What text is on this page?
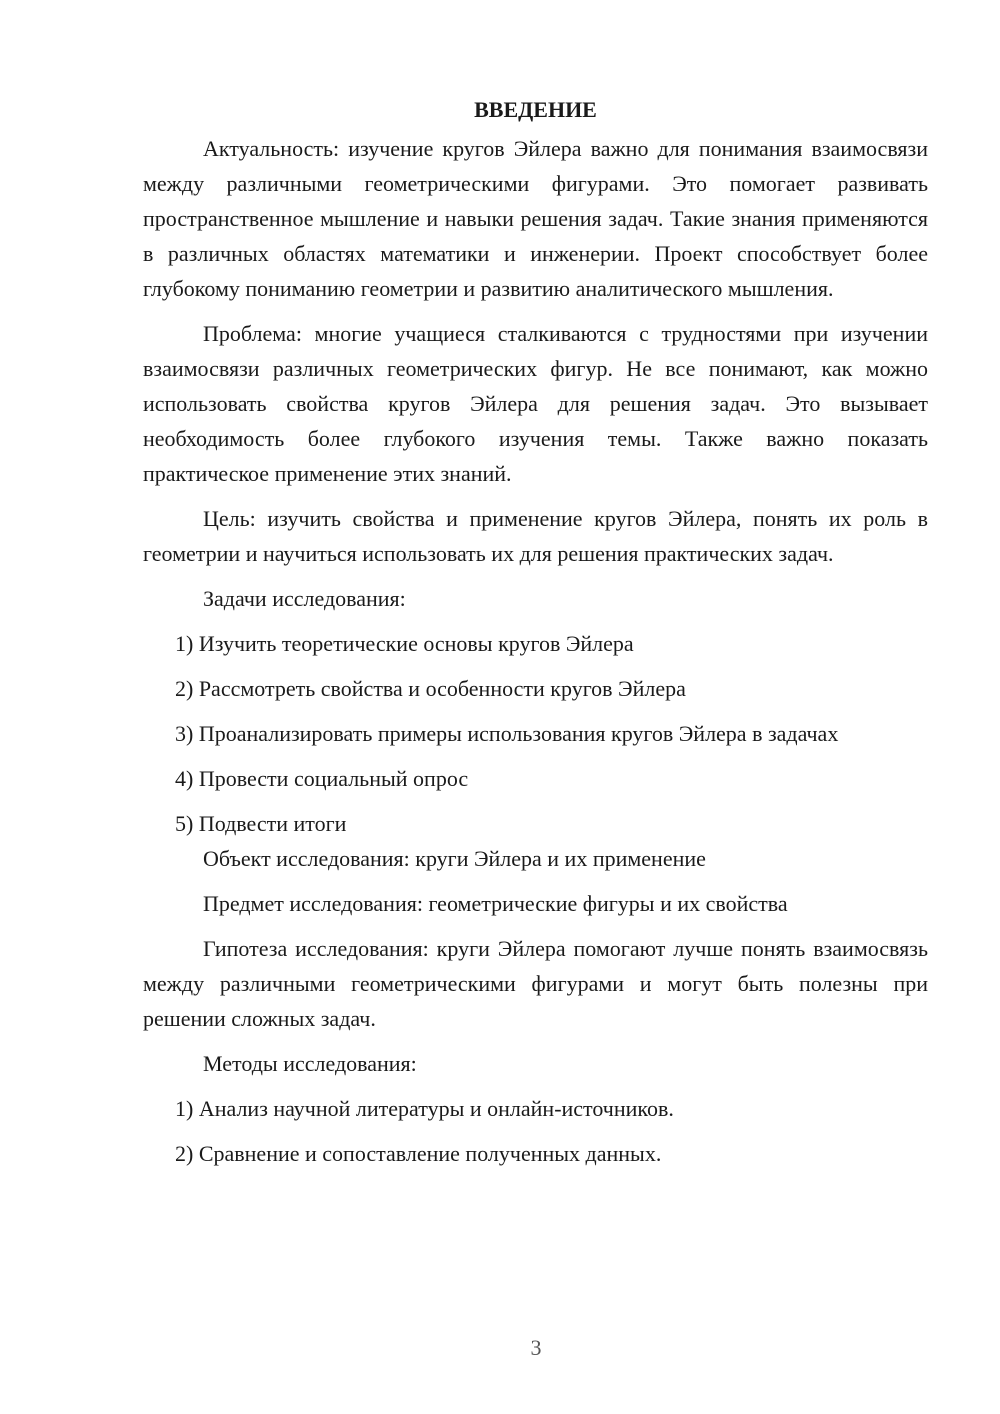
ВВЕДЕНИЕ

Актуальность: изучение кругов Эйлера важно для понимания взаимосвязи между различными геометрическими фигурами. Это помогает развивать пространственное мышление и навыки решения задач. Такие знания применяются в различных областях математики и инженерии. Проект способствует более глубокому пониманию геометрии и развитию аналитического мышления.

Проблема: многие учащиеся сталкиваются с трудностями при изучении взаимосвязи различных геометрических фигур. Не все понимают, как можно использовать свойства кругов Эйлера для решения задач. Это вызывает необходимость более глубокого изучения темы. Также важно показать практическое применение этих знаний.

Цель: изучить свойства и применение кругов Эйлера, понять их роль в геометрии и научиться использовать их для решения практических задач.

Задачи исследования:

1) Изучить теоретические основы кругов Эйлера

2) Рассмотреть свойства и особенности кругов Эйлера

3) Проанализировать примеры использования кругов Эйлера в задачах

4) Провести социальный опрос

5) Подвести итоги

Объект исследования: круги Эйлера и их применение

Предмет исследования: геометрические фигуры и их свойства

Гипотеза исследования: круги Эйлера помогают лучше понять взаимосвязь между различными геометрическими фигурами и могут быть полезны при решении сложных задач.

Методы исследования:

1) Анализ научной литературы и онлайн-источников.

2) Сравнение и сопоставление полученных данных.

3
